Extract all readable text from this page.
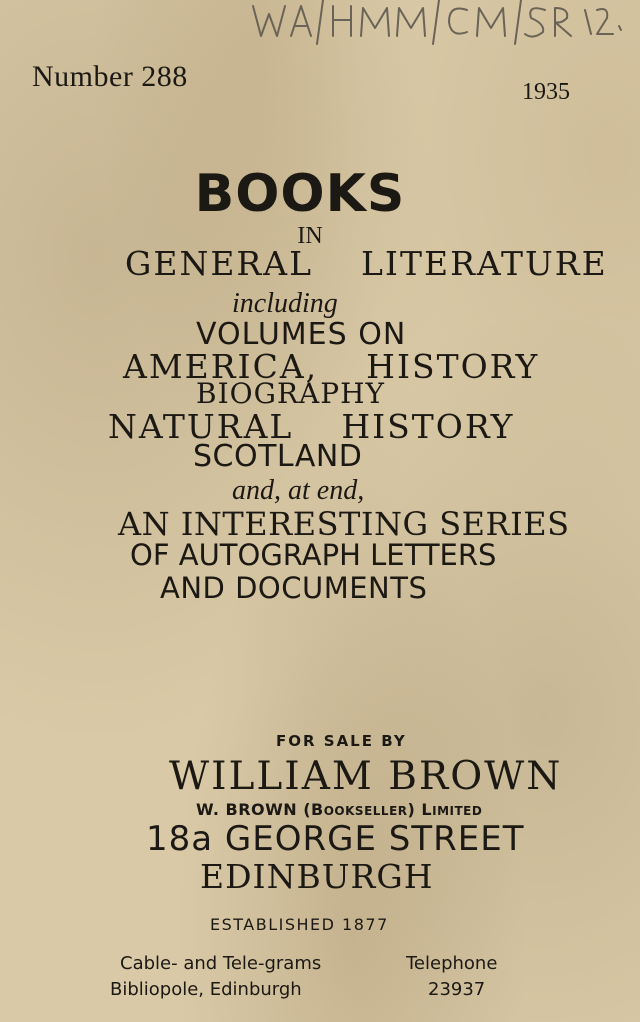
Number 288	1935
BOOKS
IN
GENERAL LITERATURE
including
VOLUMES ON
AMERICA, HISTORY
BIOGRAPHY
NATURAL HISTORY
SCOTLAND
and, at end,
AN INTERESTING SERIES
OF AUTOGRAPH LETTERS
AND DOCUMENTS
FOR SALE BY
WILLIAM BROWN
W. BROWN (BOOKSELLER) LIMITED
18a GEORGE STREET
EDINBURGH
ESTABLISHED 1877
Cable- and Tele-grams
Bibliopole, Edinburgh
Telephone
23937
